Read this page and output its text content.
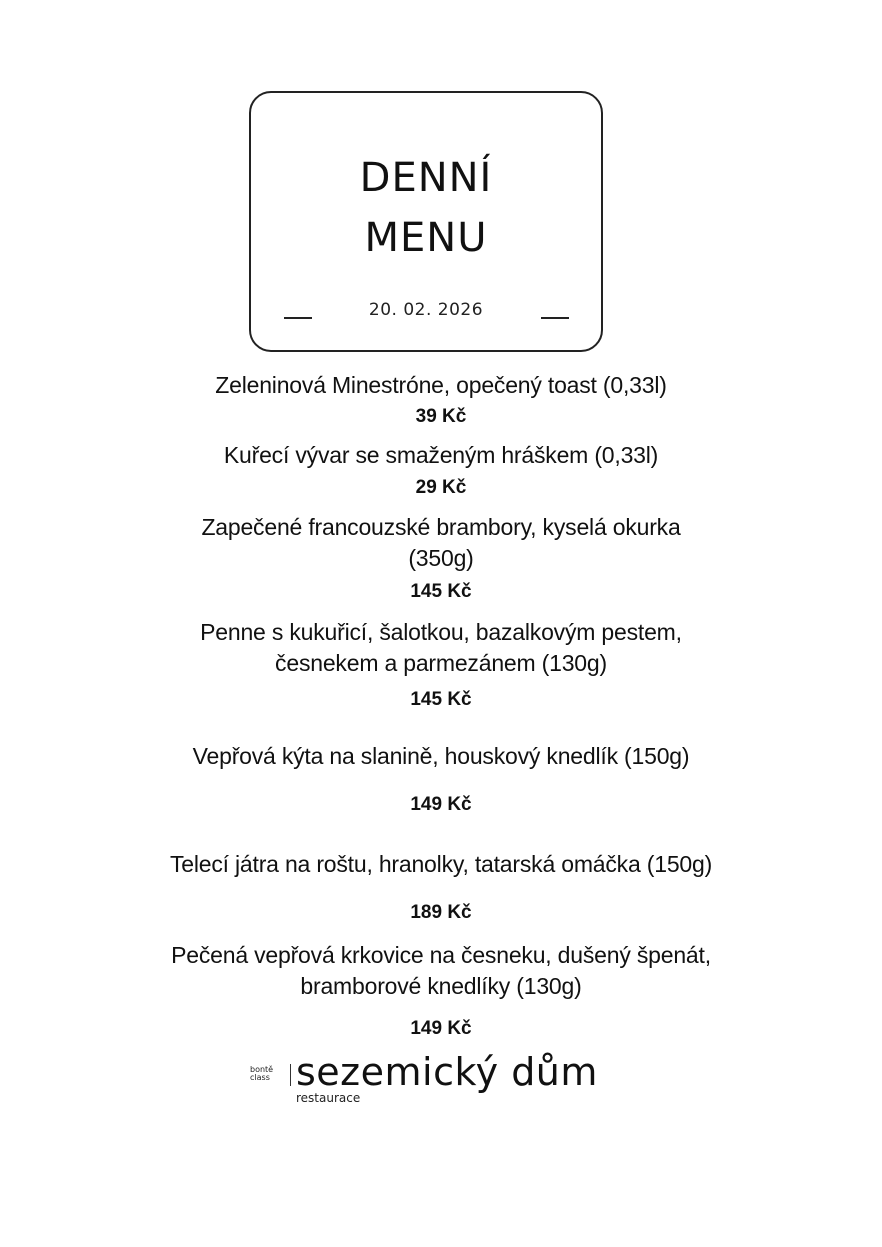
DENNÍ
MENU
20. 02. 2026
Zeleninová Minestróne, opečený toast (0,33l)
39 Kč
Kuřecí vývar se smaženým hráškem (0,33l)
29 Kč
Zapečené francouzské brambory, kyselá okurka
(350g)
145 Kč
Penne s kukuřicí, šalotkou, bazalkovým pestem,
česnekem a parmezánem (130g)
145 Kč
Vepřová kýta na slanině, houskový knedlík (150g)
149 Kč
Telecí játra na roštu, hranolky, tatarská omáčka (150g)
189 Kč
Pečená vepřová krkovice na česneku, dušený špenát,
bramborové knedlíky (130g)
149 Kč
bontě
class sezemický dům
restaurace
